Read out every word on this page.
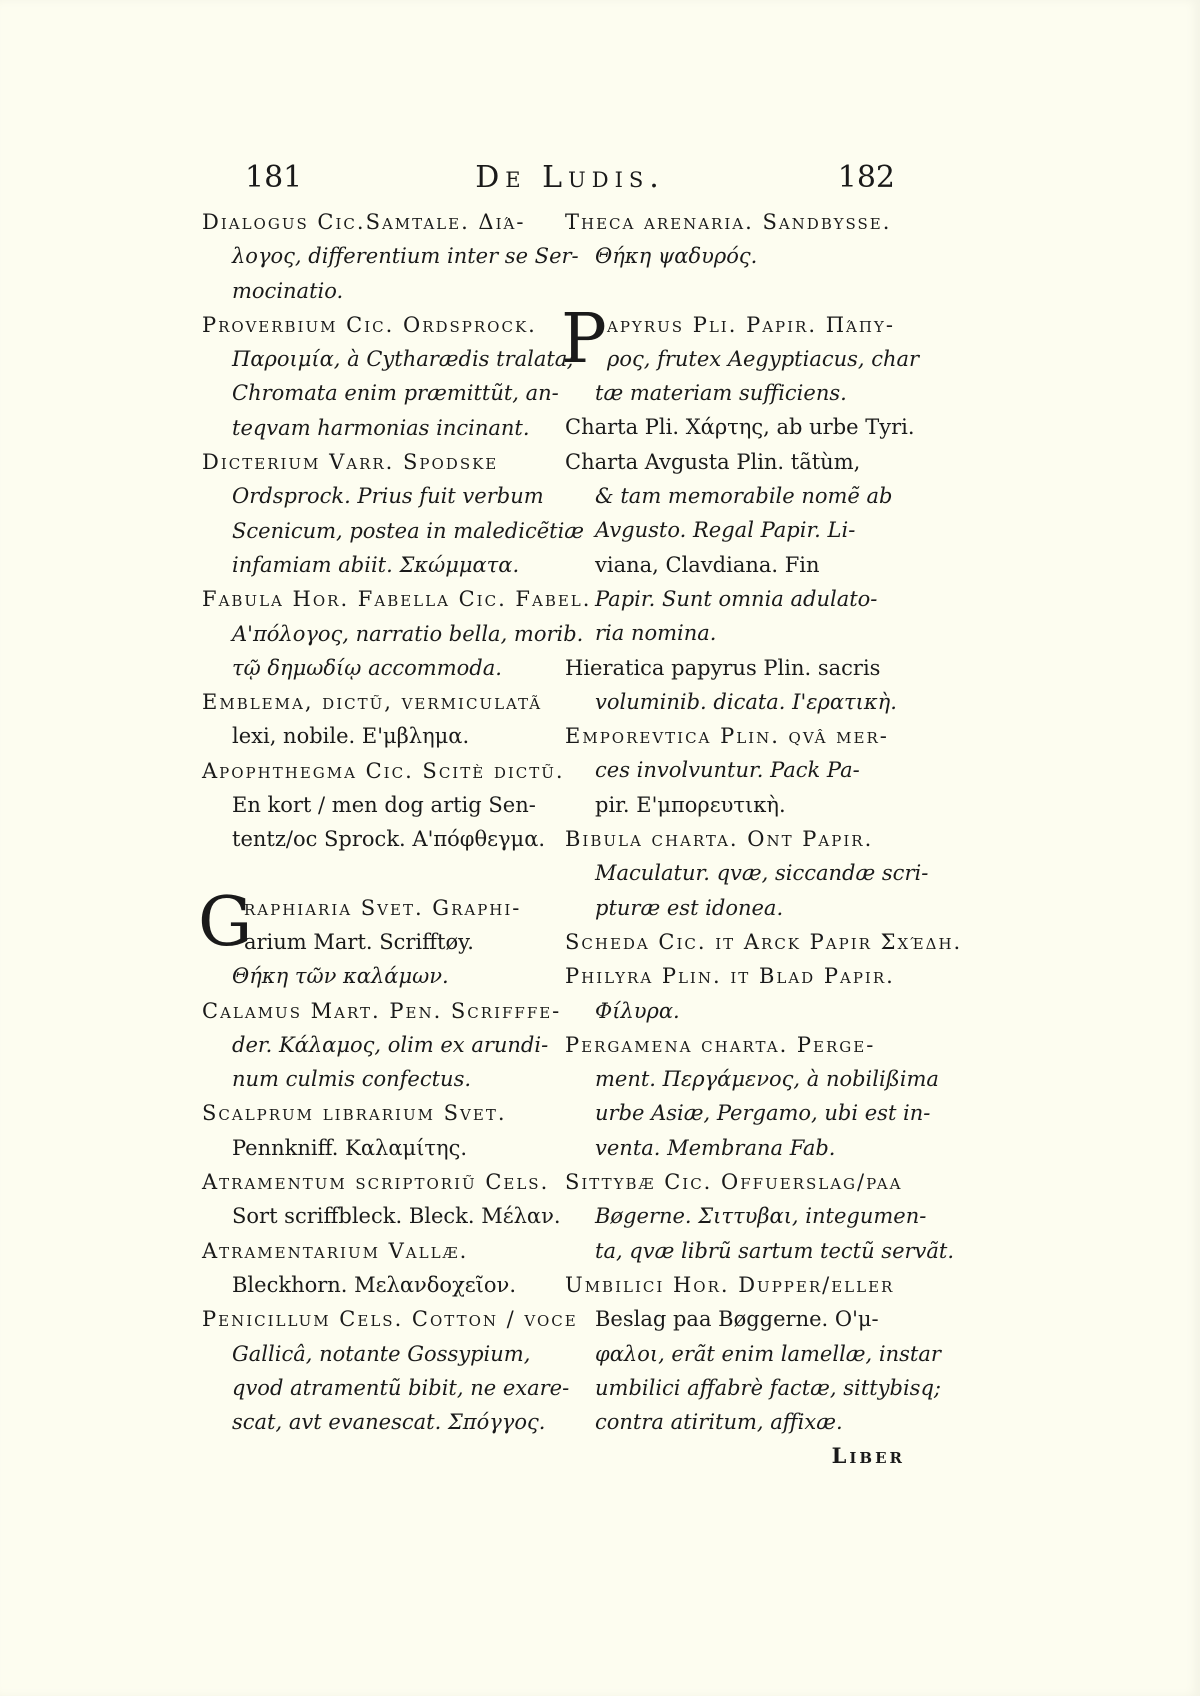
181	De Ludis.	182
Dialogus Cic.Samtale. Διά-
λογος, differentium inter se Ser-
mocinatio.
Proverbium Cic. Ordsprock.
Παροιμία, à Cytharædis tralata;
Chromata enim præmittũt, an-
teqvam harmonias incinant.
Dicterium Varr. Spodske
Ordsprock. Prius fuit verbum
Scenicum, postea in maledicẽtiæ
infamiam abiit. Σκώμματα.
Fabula Hor. Fabella Cic. Fabel.
Α'πόλογος, narratio bella, morib.
τῷ δημωδίῳ accommoda.
Emblema, dictũ, vermiculatã
lexi, nobile. Ε'μβλημα.
Apophthegma Cic. Scitè dictũ.
En kort / men dog artig Sen-
tentz/oc Sprock. Α'πόφθεγμα.
G
raphiaria Svet. Graphi-
arium Mart. Scrifftøy.
Θήκη τῶν καλάμων.
Calamus Mart. Pen. Scrifffe-
der. Κάλαμος, olim ex arundi-
num culmis confectus.
Scalprum librarium Svet.
Pennkniff. Καλαμίτης.
Atramentum scriptoriũ Cels.
Sort scriffbleck. Bleck. Μέλαν.
Atramentarium Vallæ.
Bleckhorn. Μελανδοχεῖον.
Penicillum Cels. Cotton / voce
Gallicâ, notante Gossypium,
qvod atramentũ bibit, ne exare-
scat, avt evanescat. Σπόγγος.
Theca arenaria. Sandbysse.
Θήκη ψαδυρός.
P apyrus Pli. Papir. Πάπυ-
ρος, frutex Aegyptiacus, char
tæ materiam sufficiens.
Charta Pli. Χάρτης, ab urbe Tyri.
Charta Avgusta Plin. tãtùm,
& tam memorabile nomẽ ab
Avgusto. Regal Papir. Li-
viana, Clavdiana. Fin
Papir. Sunt omnia adulato-
ria nomina.
Hieratica papyrus Plin. sacris
voluminib. dicata. Ι'ερατικὴ.
Emporevtica Plin. qvâ mer-
ces involvuntur. Pack Pa-
pir. Ε'μπορευτικὴ.
Bibula charta. Ont Papir.
Maculatur. qvæ, siccandæ scri-
pturæ est idonea.
Scheda Cic. it Arck Papir Σχέδη.
Philyra Plin. it Blad Papir.
Φίλυρα.
Pergamena charta. Perge-
ment. Περγάμενος, à nobilißima
urbe Asiæ, Pergamo, ubi est in-
venta. Membrana Fab.
Sittybæ Cic. Offuerslag/paa
Bøgerne. Σιττυβαι, integumen-
ta, qvæ librũ sartum tectũ servãt.
Umbilici Hor. Dupper/eller
Beslag paa Bøggerne. Ο'μ-
φαλοι, erãt enim lamellæ, instar
umbilici affabrè factæ, sittybisq;
contra atiritum, affixæ.
Liber
